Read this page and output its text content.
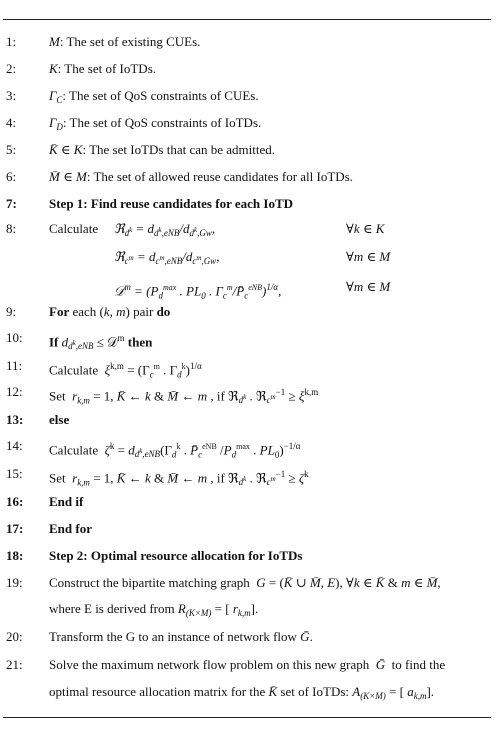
1:	M: The set of existing CUEs.
2:	K: The set of IoTDs.
3:	$\Gamma_C$: The set of QoS constraints of CUEs.
4:	$\Gamma_D$: The set of QoS constraints of IoTDs.
5:	K̄ ∈ K: The set IoTDs that can be admitted.
6:	M̄ ∈ M: The set of allowed reuse candidates for all IoTDs.
7: Step 1: Find reuse candidates for each IoTD
8:	Calculate ℜ$_{d^k}$ = $d_{d^k,eNB}/d_{d^k,Gw}$,	∀k ∈ K
ℜ$_{c^m}$ = $d_{c^m,eNB}/d_{c^m,Gw}$,	∀m ∈ M
𝒟$^m$ = ($P_d^{max}$ . $PL_0$ . $\Gamma_c^m/P̄_c^{eNB})^{1/\alpha}$,	∀m ∈ M
9:	For each (k, m) pair do
10: If $d_{d^k,eNB}$ ≤ 𝒟$^m$ then
11: Calculate  $\xi^{k,m} = (\Gamma_c^m$ . $\Gamma_d^k)^{1/\alpha}$
12: Set  $r_{k,m} = 1$, K̄ ← k & M̄ ← m , if ℜ$_{d^k}$ . ℜ$_{c^m}^{-1}$ ≥ $\xi^{k,m}$
13: else
14: Calculate  $\zeta^k = d_{d^k,eNB}(\Gamma_d^k$ . $P̄_c^{eNB}$ $/P_d^{max}$ . $PL_0)^{-1/\alpha}$
15: Set  $r_{k,m} = 1$, K̄ ← k & M̄ ← m , if ℜ$_{d^k}$ . ℜ$_{c^m}^{-1}$ ≥ $\zeta^k$
16: End if
17: End for
18: Step 2: Optimal resource allocation for IoTDs
19: Construct the bipartite matching graph G = (K̄ ∪ M̄, E), ∀k ∈ K̄ & m ∈ M̄,
where E is derived from $R_{(K\times M)}$ = [ $r_{k,m}$].
20: Transform the G to an instance of network flow Ḡ.
21: Solve the maximum network flow problem on this new graph Ḡ  to find the
optimal resource allocation matrix for the K̄ set of IoTDs: $A_{(K\times M)}$ = [ $a_{k,m}$].
